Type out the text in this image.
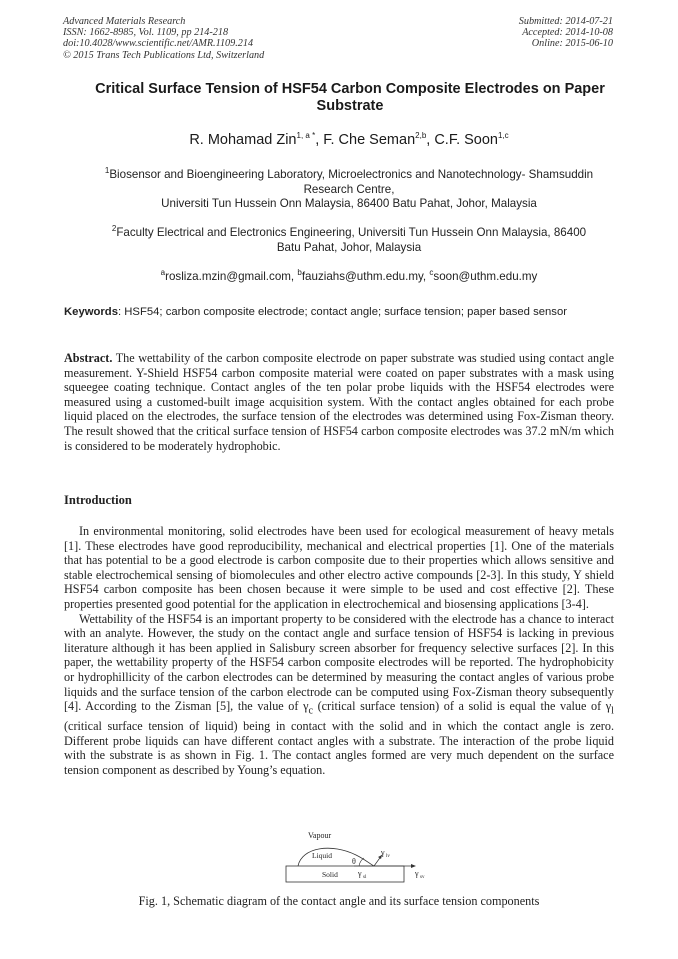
Advanced Materials Research
ISSN: 1662-8985, Vol. 1109, pp 214-218
doi:10.4028/www.scientific.net/AMR.1109.214
© 2015 Trans Tech Publications Ltd, Switzerland
Submitted: 2014-07-21
Accepted: 2014-10-08
Online: 2015-06-10
Critical Surface Tension of HSF54 Carbon Composite Electrodes on Paper Substrate
R. Mohamad Zin$^{1, a *}$, F. Che Seman$^{2,b}$, C.F. Soon$^{1,c}$
$^1$Biosensor and Bioengineering Laboratory, Microelectronics and Nanotechnology- Shamsuddin
Research Centre,
Universiti Tun Hussein Onn Malaysia, 86400 Batu Pahat, Johor, Malaysia
$^2$Faculty Electrical and Electronics Engineering, Universiti Tun Hussein Onn Malaysia, 86400
Batu Pahat, Johor, Malaysia
$^a$rosliza.mzin@gmail.com, $^b$fauziahs@uthm.edu.my, $^c$soon@uthm.edu.my
Keywords: HSF54; carbon composite electrode; contact angle; surface tension; paper based sensor
Abstract. The wettability of the carbon composite electrode on paper substrate was studied using contact angle measurement. Y-Shield HSF54 carbon composite material were coated on paper substrates with a mask using squeegee coating technique. Contact angles of the ten polar probe liquids with the HSF54 electrodes were measured using a customed-built image acquisition system. With the contact angles obtained for each probe liquid placed on the electrodes, the surface tension of the electrodes was determined using Fox-Zisman theory. The result showed that the critical surface tension of HSF54 carbon composite electrodes was 37.2 mN/m which is considered to be moderately hydrophobic.
Introduction

In environmental monitoring, solid electrodes have been used for ecological measurement of heavy metals [1]. These electrodes have good reproducibility, mechanical and electrical properties [1]. One of the materials that has potential to be a good electrode is carbon composite due to their properties which allows sensitive and stable electrochemical sensing of biomolecules and other electro active compounds [2-3]. In this study, Y shield HSF54 carbon composite has been chosen because it were simple to be used and cost effective [2]. These properties presented good potential for the application in electrochemical and biosensing applications [3-4].

Wettability of the HSF54 is an important property to be considered with the electrode has a chance to interact with an analyte. However, the study on the contact angle and surface tension of HSF54 is lacking in previous literature although it has been applied in Salisbury screen absorber for frequency selective surfaces [2]. In this paper, the wettability property of the HSF54 carbon composite electrodes will be reported. The hydrophobicity or hydrophillicity of the carbon electrodes can be determined by measuring the contact angles of various probe liquids and the surface tension of the carbon electrode can be computed using Fox-Zisman theory subsequently [4]. According to the Zisman [5], the value of $\gamma_c$ (critical surface tension) of a solid is equal the value of $\gamma_l$ (critical surface tension of liquid) being in contact with the solid and in which the contact angle is zero. Different probe liquids can have different contact angles with a substrate. The interaction of the probe liquid with the substrate is as shown in Fig. 1. The contact angles formed are very much dependent on the surface tension component as described by Young’s equation.

Vapour
Liquid
Solid
θ
γ lv
γ sl	γ sv
Fig. 1, Schematic diagram of the contact angle and its surface tension components
